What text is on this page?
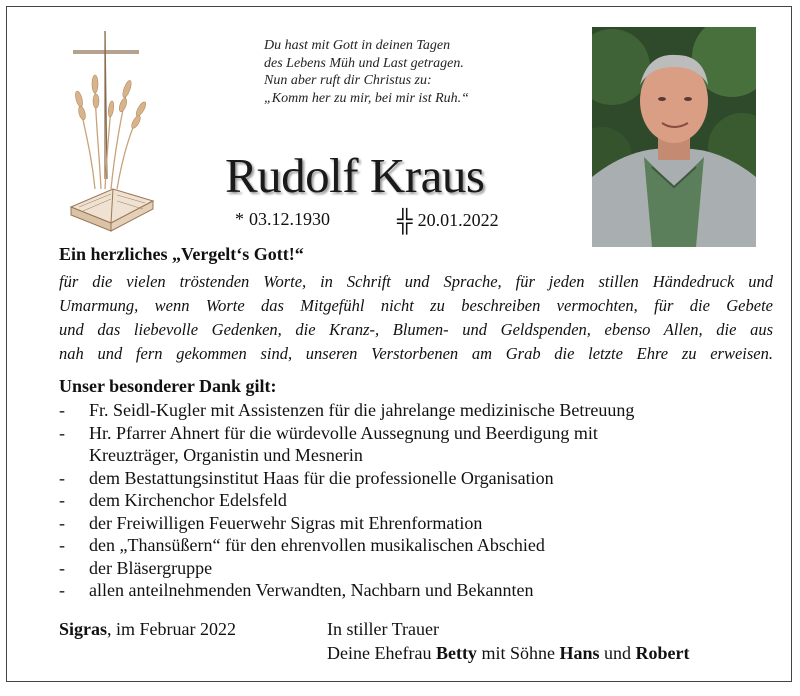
Du hast mit Gott in deinen Tagen
des Lebens Müh und Last getragen.
Nun aber ruft dir Christus zu:
„Komm her zu mir, bei mir ist Ruh.“
Rudolf Kraus
* 03.12.1930	╬ 20.01.2022
Ein herzliches „Vergelt‘s Gott!“
für die vielen tröstenden Worte, in Schrift und Sprache, für jeden stillen Händedruck und
Umarmung, wenn Worte das Mitgefühl nicht zu beschreiben vermochten, für die Gebete
und das liebevolle Gedenken, die Kranz-, Blumen- und Geldspenden, ebenso Allen, die aus
nah und fern gekommen sind, unseren Verstorbenen am Grab die letzte Ehre zu erweisen.
Unser besonderer Dank gilt:
-	Fr. Seidl-Kugler mit Assistenzen für die jahrelange medizinische Betreuung
-	Hr. Pfarrer Ahnert für die würdevolle Aussegnung und Beerdigung mit
Kreuzträger, Organistin und Mesnerin
-	dem Bestattungsinstitut Haas für die professionelle Organisation
-	dem Kirchenchor Edelsfeld
-	der Freiwilligen Feuerwehr Sigras mit Ehrenformation
-	den „Thansüßern“ für den ehrenvollen musikalischen Abschied
-	der Bläsergruppe
-	allen anteilnehmenden Verwandten, Nachbarn und Bekannten
Sigras, im Februar 2022	In stiller Trauer
Deine Ehefrau Betty mit Söhne Hans und Robert
